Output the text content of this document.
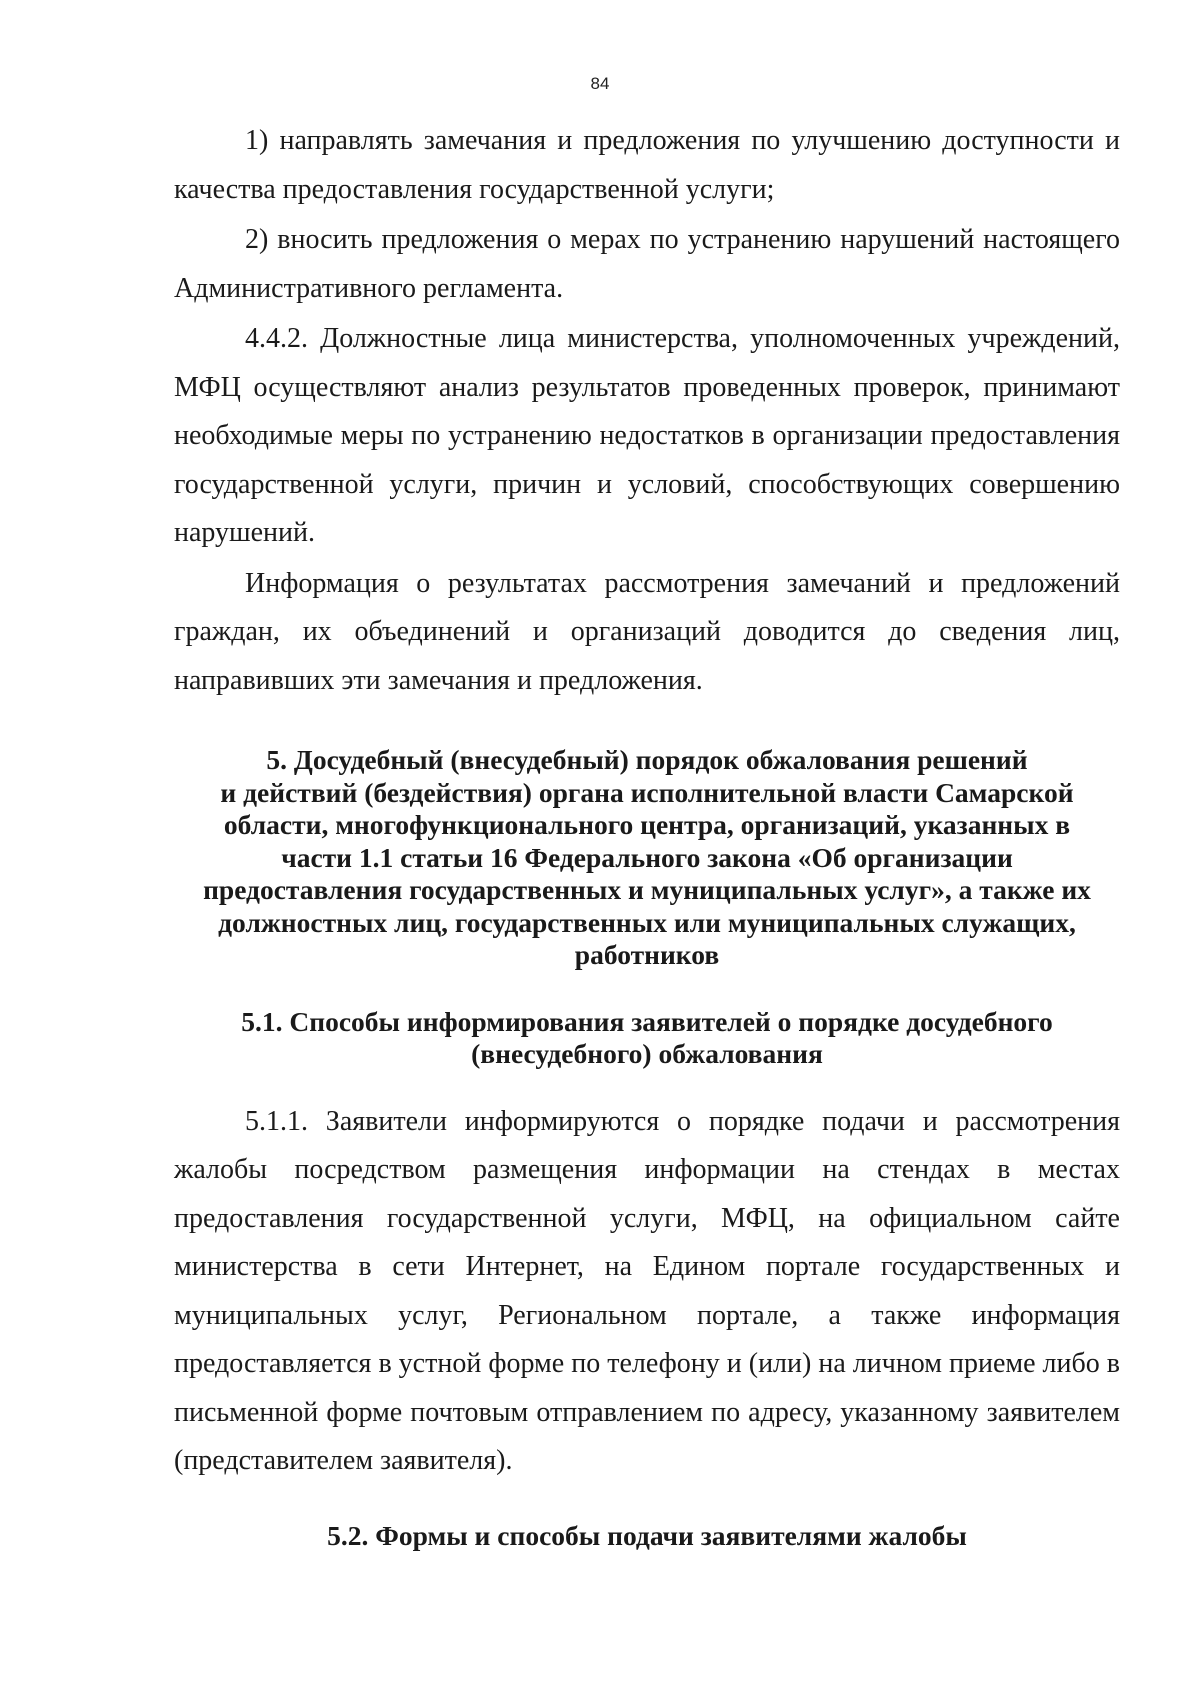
84

1) направлять замечания и предложения по улучшению доступности и качества предоставления государственной услуги;

2) вносить предложения о мерах по устранению нарушений настоящего Административного регламента.

4.4.2. Должностные лица министерства, уполномоченных учреждений, МФЦ осуществляют анализ результатов проведенных проверок, принимают необходимые меры по устранению недостатков в организации предоставления государственной услуги, причин и условий, способствующих совершению нарушений.

Информация о результатах рассмотрения замечаний и предложений граждан, их объединений и организаций доводится до сведения лиц, направивших эти замечания и предложения.

5. Досудебный (внесудебный) порядок обжалования решений
и действий (бездействия) органа исполнительной власти Самарской
области, многофункционального центра, организаций, указанных в
части 1.1 статьи 16 Федерального закона «Об организации
предоставления государственных и муниципальных услуг», а также их
должностных лиц, государственных или муниципальных служащих,
работников
5.1. Способы информирования заявителей о порядке досудебного
(внесудебного) обжалования

5.1.1. Заявители информируются о порядке подачи и рассмотрения жалобы посредством размещения информации на стендах в местах предоставления государственной услуги, МФЦ, на официальном сайте министерства в сети Интернет, на Едином портале государственных и муниципальных услуг, Региональном портале, а также информация предоставляется в устной форме по телефону и (или) на личном приеме либо в письменной форме почтовым отправлением по адресу, указанному заявителем (представителем заявителя).

5.2. Формы и способы подачи заявителями жалобы
